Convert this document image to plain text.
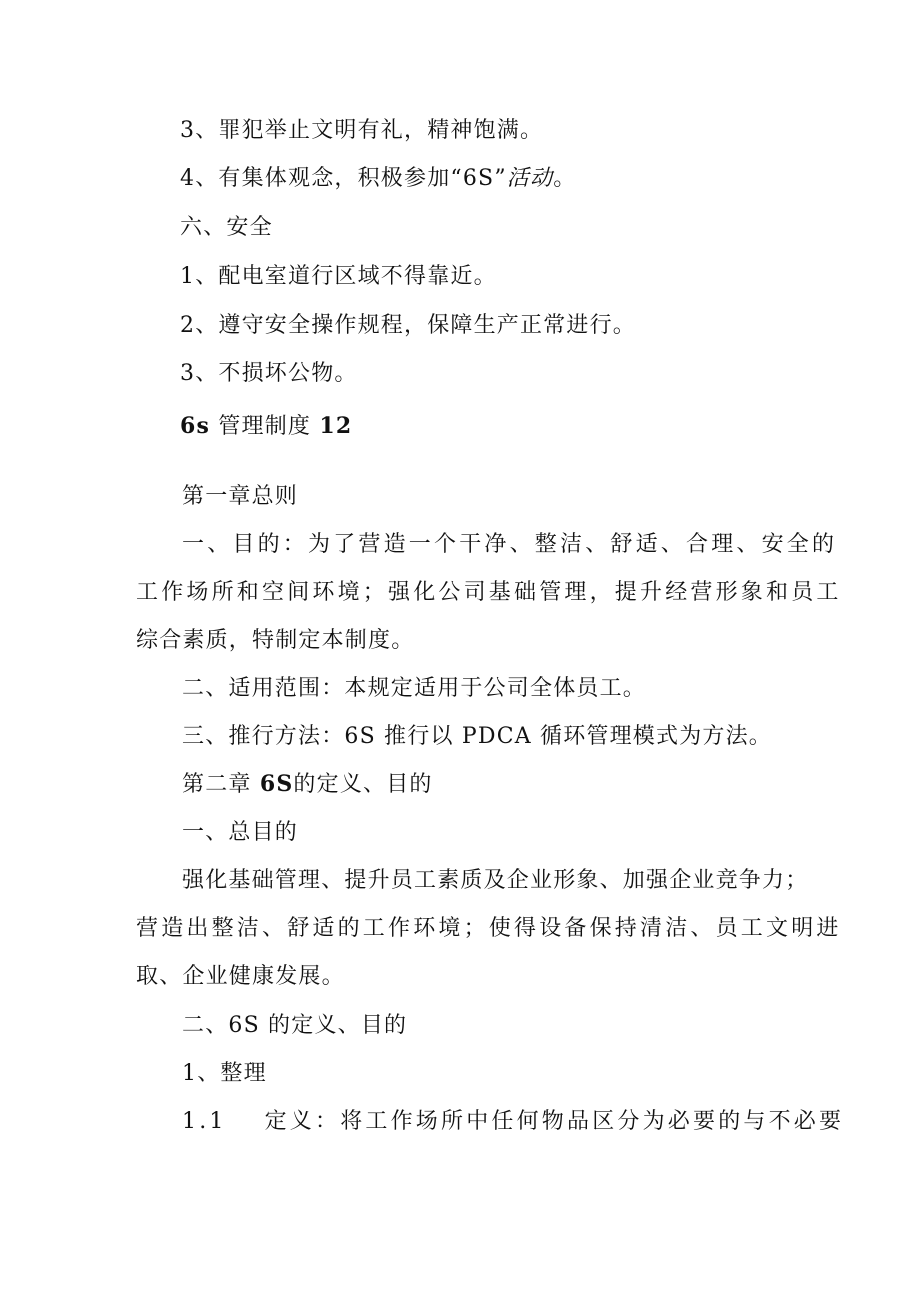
3、罪犯举止文明有礼，精神饱满。
4、有集体观念，积极参加“6S”活动。
六、安全
1、配电室道行区域不得靠近。
2、遵守安全操作规程，保障生产正常进行。
3、不损坏公物。
6s 管理制度 12
第一章总则
一、目的：为了营造一个干净、整洁、舒适、合理、安全的
工作场所和空间环境；强化公司基础管理，提升经营形象和员工
综合素质，特制定本制度。
二、适用范围：本规定适用于公司全体员工。
三、推行方法：6S 推行以 PDCA 循环管理模式为方法。
第二章 6S的定义、目的
一、总目的
强化基础管理、提升员工素质及企业形象、加强企业竞争力；
营造出整洁、舒适的工作环境；使得设备保持清洁、员工文明进
取、企业健康发展。
二、6S 的定义、目的
1、整理
1.1 定义：将工作场所中任何物品区分为必要的与不必要
